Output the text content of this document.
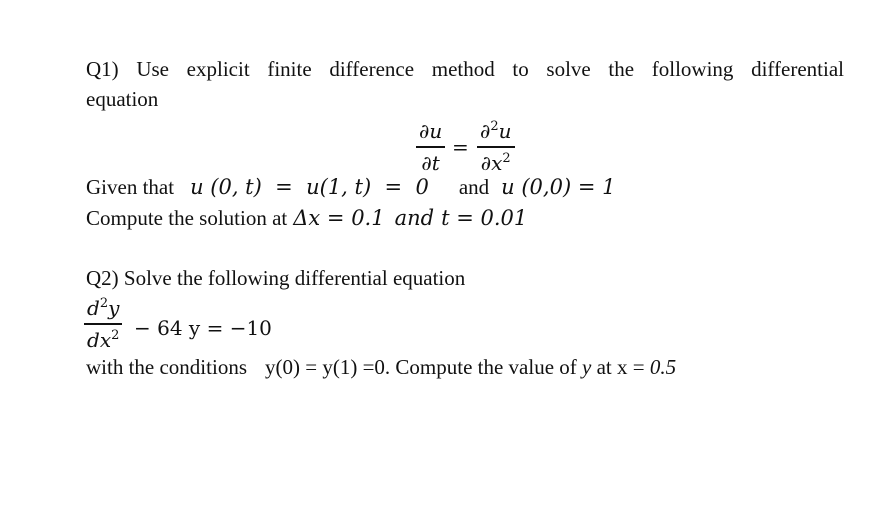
Q1) Use explicit finite difference method to solve the following differential
equation
∂u
∂t
=
∂$^2$u
$\partial x^2$
Given that u (0, t)  =  u(1, t)  =  0 and u (0,0) = 1
Compute the solution at Δx = 0.1 and t = 0.01
Q2) Solve the following differential equation
$d^2y$
$dx^2 - 64$ y = −10
with the conditions y(0) = y(1) =0. Compute the value of y at x = 0.5
